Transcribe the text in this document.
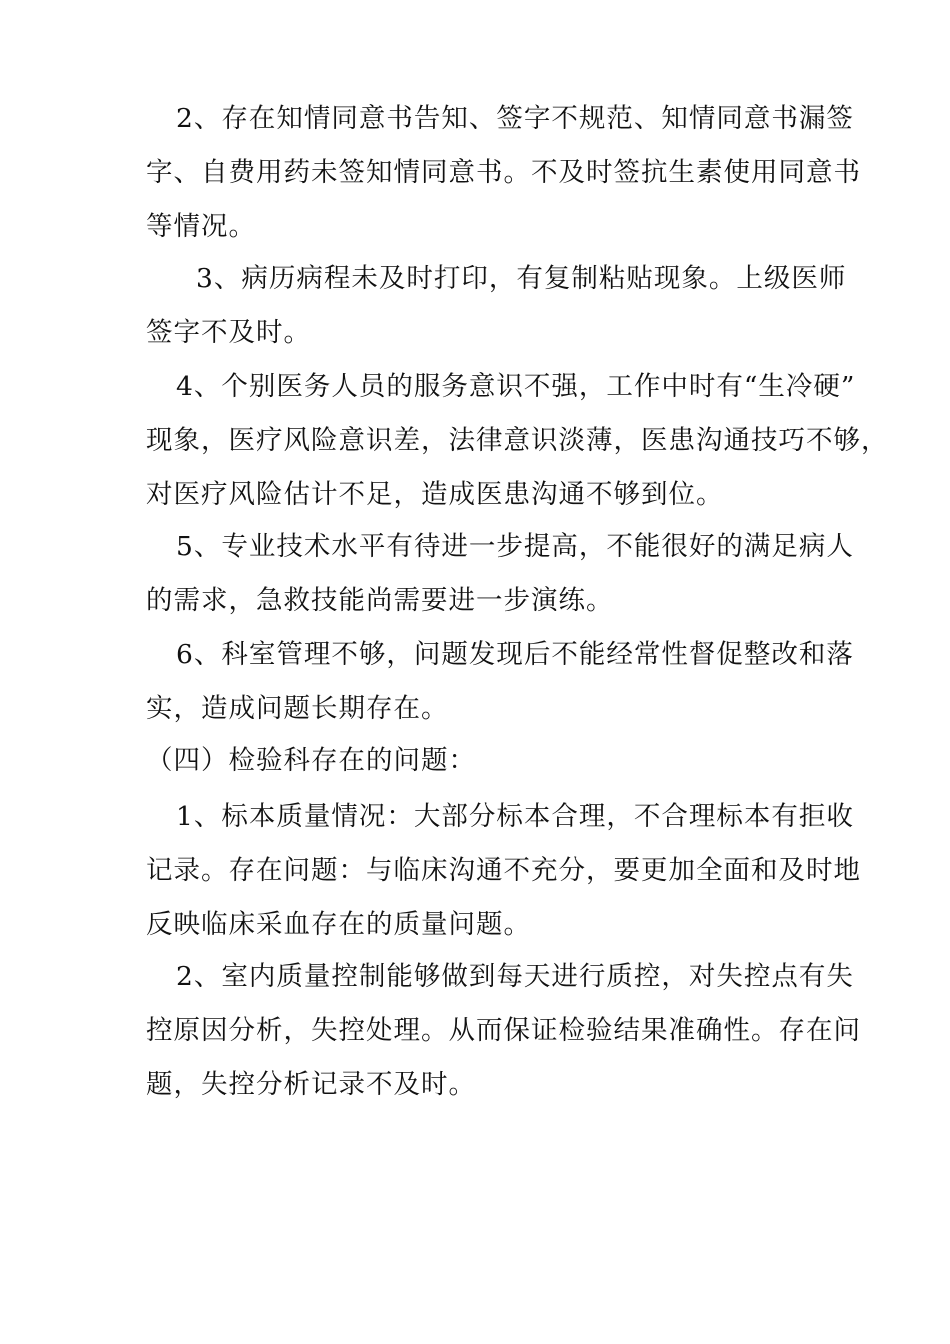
2、存在知情同意书告知、签字不规范、知情同意书漏签
字、自费用药未签知情同意书。不及时签抗生素使用同意书
等情况。

3、病历病程未及时打印，有复制粘贴现象。上级医师
签字不及时。

4、个别医务人员的服务意识不强，工作中时有“生冷硬”
现象，医疗风险意识差，法律意识淡薄，医患沟通技巧不够，
对医疗风险估计不足，造成医患沟通不够到位。

5、专业技术水平有待进一步提高，不能很好的满足病人
的需求，急救技能尚需要进一步演练。

6、科室管理不够，问题发现后不能经常性督促整改和落
实，造成问题长期存在。

（四）检验科存在的问题：

1、标本质量情况：大部分标本合理，不合理标本有拒收
记录。存在问题：与临床沟通不充分，要更加全面和及时地
反映临床采血存在的质量问题。

2、室内质量控制能够做到每天进行质控，对失控点有失
控原因分析，失控处理。从而保证检验结果准确性。存在问
题，失控分析记录不及时。
